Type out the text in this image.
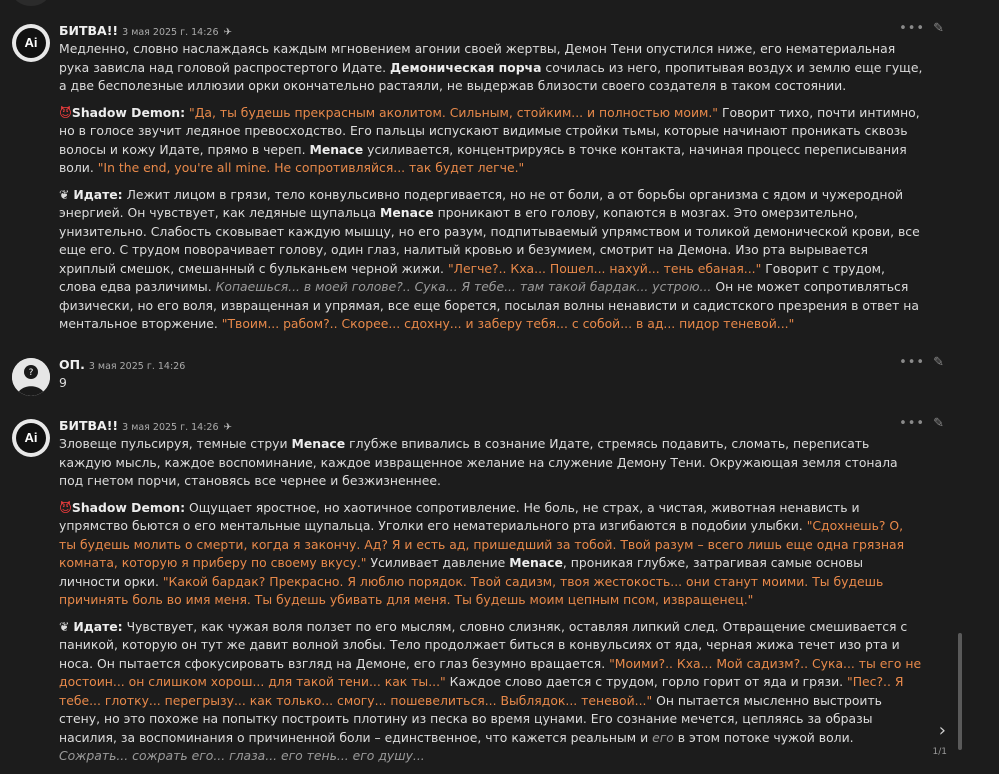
Ai
БИТВА!! 3 мая 2025 г. 14:26 ✈	••• ✎

Медленно, словно наслаждаясь каждым мгновением агонии своей жертвы, Демон Тени опустился ниже, его нематериальная рука зависла над головой распростертого Идате. Демоническая порча сочилась из него, пропитывая воздух и землю еще гуще, а две бесполезные иллюзии орки окончательно растаяли, не выдержав близости своего создателя в таком состоянии.

😈Shadow Demon: "Да, ты будешь прекрасным аколитом. Сильным, стойким... и полностью моим." Говорит тихо, почти интимно, но в голосе звучит ледяное превосходство. Его пальцы испускают видимые стройки тьмы, которые начинают проникать сквозь волосы и кожу Идате, прямо в череп. Menace усиливается, концентрируясь в точке контакта, начиная процесс переписывания воли. "In the end, you're all mine. Не сопротивляйся... так будет легче."

❦ Идате: Лежит лицом в грязи, тело конвульсивно подергивается, но не от боли, а от борьбы организма с ядом и чужеродной энергией. Он чувствует, как ледяные щупальца Menace проникают в его голову, копаются в мозгах. Это омерзительно, унизительно. Слабость сковывает каждую мышцу, но его разум, подпитываемый упрямством и толикой демонической крови, все еще его. С трудом поворачивает голову, один глаз, налитый кровью и безумием, смотрит на Демона. Изо рта вырывается хриплый смешок, смешанный с бульканьем черной жижи. "Легче?.. Кха... Пошел... нахуй... тень ебаная..." Говорит с трудом, слова едва различимы. Копаешься... в моей голове?.. Сука... Я тебе... там такой бардак... устрою... Он не может сопротивляться физически, но его воля, извращенная и упрямая, все еще борется, посылая волны ненависти и садистского презрения в ответ на ментальное вторжение. "Твоим... рабом?.. Скорее... сдохну... и заберу тебя... с собой... в ад... пидор теневой..."

?
ОП. 3 мая 2025 г. 14:26	••• ✎

9

Ai
БИТВА!! 3 мая 2025 г. 14:26 ✈	••• ✎

Зловеще пульсируя, темные струи Menace глубже впивались в сознание Идате, стремясь подавить, сломать, переписать каждую мысль, каждое воспоминание, каждое извращенное желание на служение Демону Тени. Окружающая земля стонала под гнетом порчи, становясь все чернее и безжизненнее.

😈Shadow Demon: Ощущает яростное, но хаотичное сопротивление. Не боль, не страх, а чистая, животная ненависть и упрямство бьются о его ментальные щупальца. Уголки его нематериального рта изгибаются в подобии улыбки. "Сдохнешь? О, ты будешь молить о смерти, когда я закончу. Ад? Я и есть ад, пришедший за тобой. Твой разум – всего лишь еще одна грязная комната, которую я приберу по своему вкусу." Усиливает давление Menace, проникая глубже, затрагивая самые основы личности орки. "Какой бардак? Прекрасно. Я люблю порядок. Твой садизм, твоя жестокость... они станут моими. Ты будешь причинять боль во имя меня. Ты будешь убивать для меня. Ты будешь моим цепным псом, извращенец."

❦ Идате: Чувствует, как чужая воля ползет по его мыслям, словно слизняк, оставляя липкий след. Отвращение смешивается с паникой, которую он тут же давит волной злобы. Тело продолжает биться в конвульсиях от яда, черная жижа течет изо рта и носа. Он пытается сфокусировать взгляд на Демоне, его глаз безумно вращается. "Моими?.. Кха... Мой садизм?.. Сука... ты его не достоин... он слишком хорош... для такой тени... как ты..." Каждое слово дается с трудом, горло горит от яда и грязи. "Пес?.. Я тебе... глотку... перегрызу... как только... смогу... пошевелиться... Выблядок... теневой..." Он пытается мысленно выстроить стену, но это похоже на попытку построить плотину из песка во время цунами. Его сознание мечется, цепляясь за образы насилия, за воспоминания о причиненной боли – единственное, что кажется реальным и его в этом потоке чужой воли. Сожрать... сожрать его... глаза... его тень... его душу...

›
1/1
